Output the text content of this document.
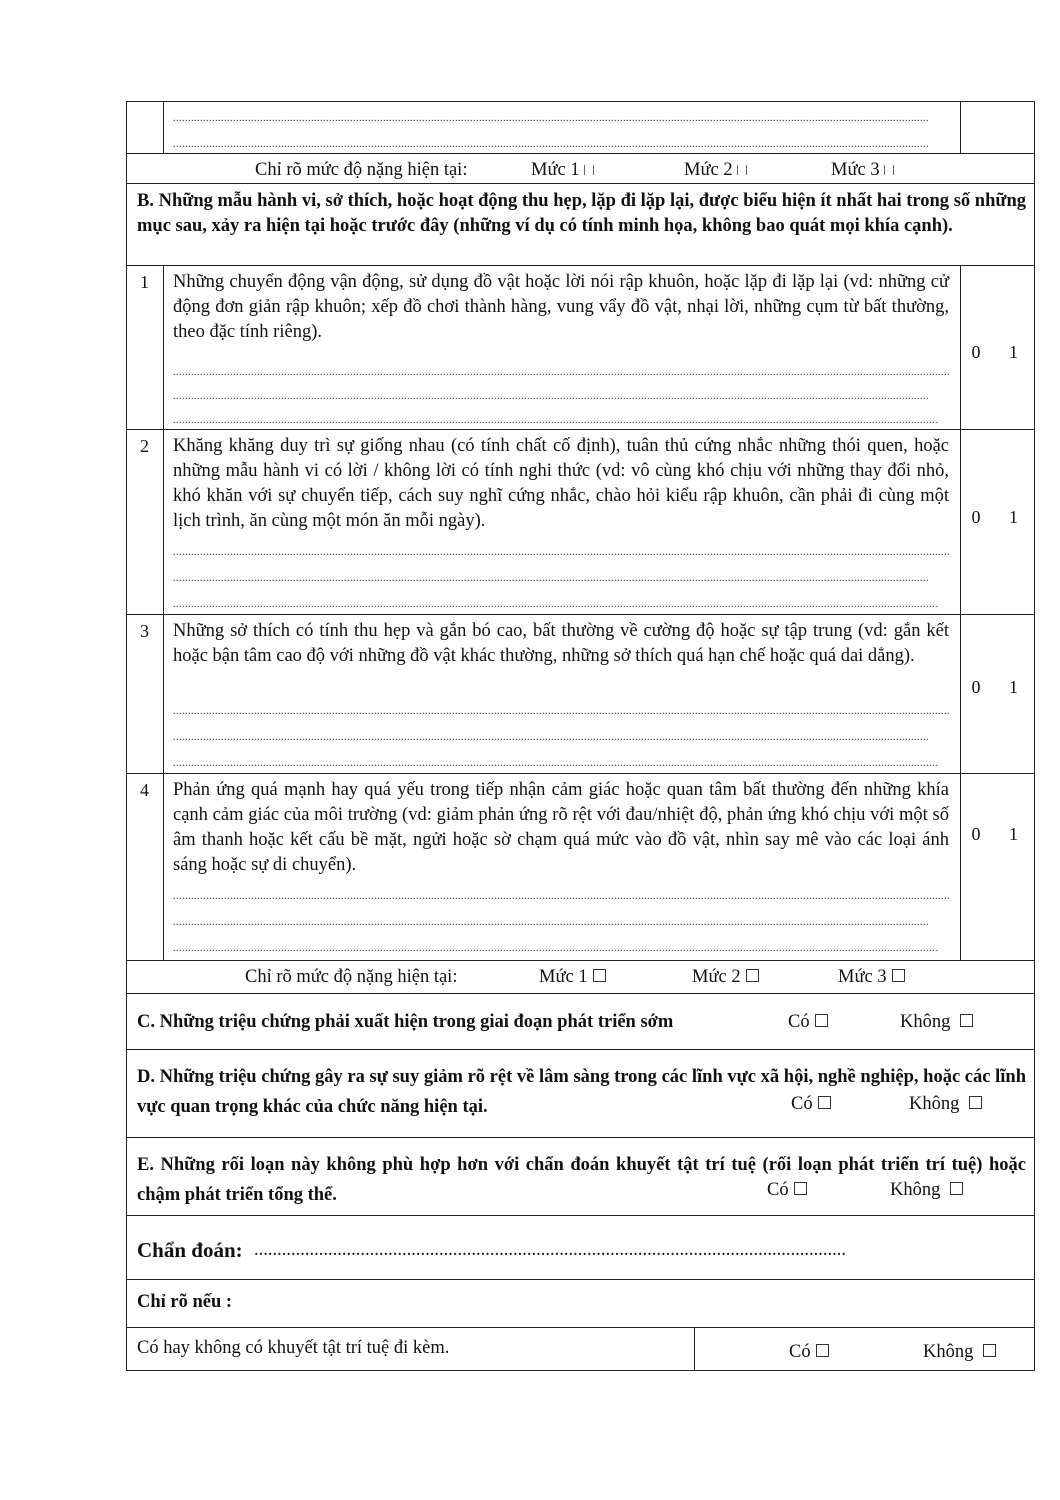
.....
.....
Chỉ rõ mức độ nặng hiện tại:	Mức 1	Mức 2	Mức 3
B. Những mẫu hành vi, sở thích, hoặc hoạt động thu hẹp, lặp đi lặp lại, được biểu hiện ít nhất hai trong số những mục sau, xảy ra hiện tại hoặc trước đây (những ví dụ có tính minh họa, không bao quát mọi khía cạnh).
1 Những chuyển động vận động, sử dụng đồ vật hoặc lời nói rập khuôn, hoặc lặp đi lặp lại (vd: những cử động đơn giản rập khuôn; xếp đồ chơi thành hàng, vung vẩy đồ vật, nhại lời, những cụm từ bất thường, theo đặc tính riêng).
.....
.....
.....
0 1
2 Khăng khăng duy trì sự giống nhau (có tính chất cố định), tuân thủ cứng nhắc những thói quen, hoặc những mẫu hành vi có lời / không lời có tính nghi thức (vd: vô cùng khó chịu với những thay đổi nhỏ, khó khăn với sự chuyển tiếp, cách suy nghĩ cứng nhắc, chào hỏi kiểu rập khuôn, cần phải đi cùng một lịch trình, ăn cùng một món ăn mỗi ngày).
.....
.....
.....	0 1
3 Những sở thích có tính thu hẹp và gắn bó cao, bất thường về cường độ hoặc sự tập trung (vd: gắn kết hoặc bận tâm cao độ với những đồ vật khác thường, những sở thích quá hạn chế hoặc quá dai dẳng).
.....
.....
.....
0 1
4 Phản ứng quá mạnh hay quá yếu trong tiếp nhận cảm giác hoặc quan tâm bất thường đến những khía cạnh cảm giác của môi trường (vd: giảm phản ứng rõ rệt với đau/nhiệt độ, phản ứng khó chịu với một số âm thanh hoặc kết cấu bề mặt, ngửi hoặc sờ chạm quá mức vào đồ vật, nhìn say mê vào các loại ánh sáng hoặc sự di chuyển).
.....
.....
.....
0 1
Chỉ rõ mức độ nặng hiện tại:	Mức 1	Mức 2	Mức 3
C. Những triệu chứng phải xuất hiện trong giai đoạn phát triển sớm	Có	Không
D. Những triệu chứng gây ra sự suy giảm rõ rệt về lâm sàng trong các lĩnh vực xã hội, nghề nghiệp, hoặc các lĩnh vực quan trọng khác của chức năng hiện tại.	Có	Không
E. Những rối loạn này không phù hợp hơn với chẩn đoán khuyết tật trí tuệ (rối loạn phát triển trí tuệ) hoặc chậm phát triển tổng thể.	Có	Không
Chẩn đoán: ................................................................................................................................
Chỉ rõ nếu :
Có hay không có khuyết tật trí tuệ đi kèm.	Có	Không
